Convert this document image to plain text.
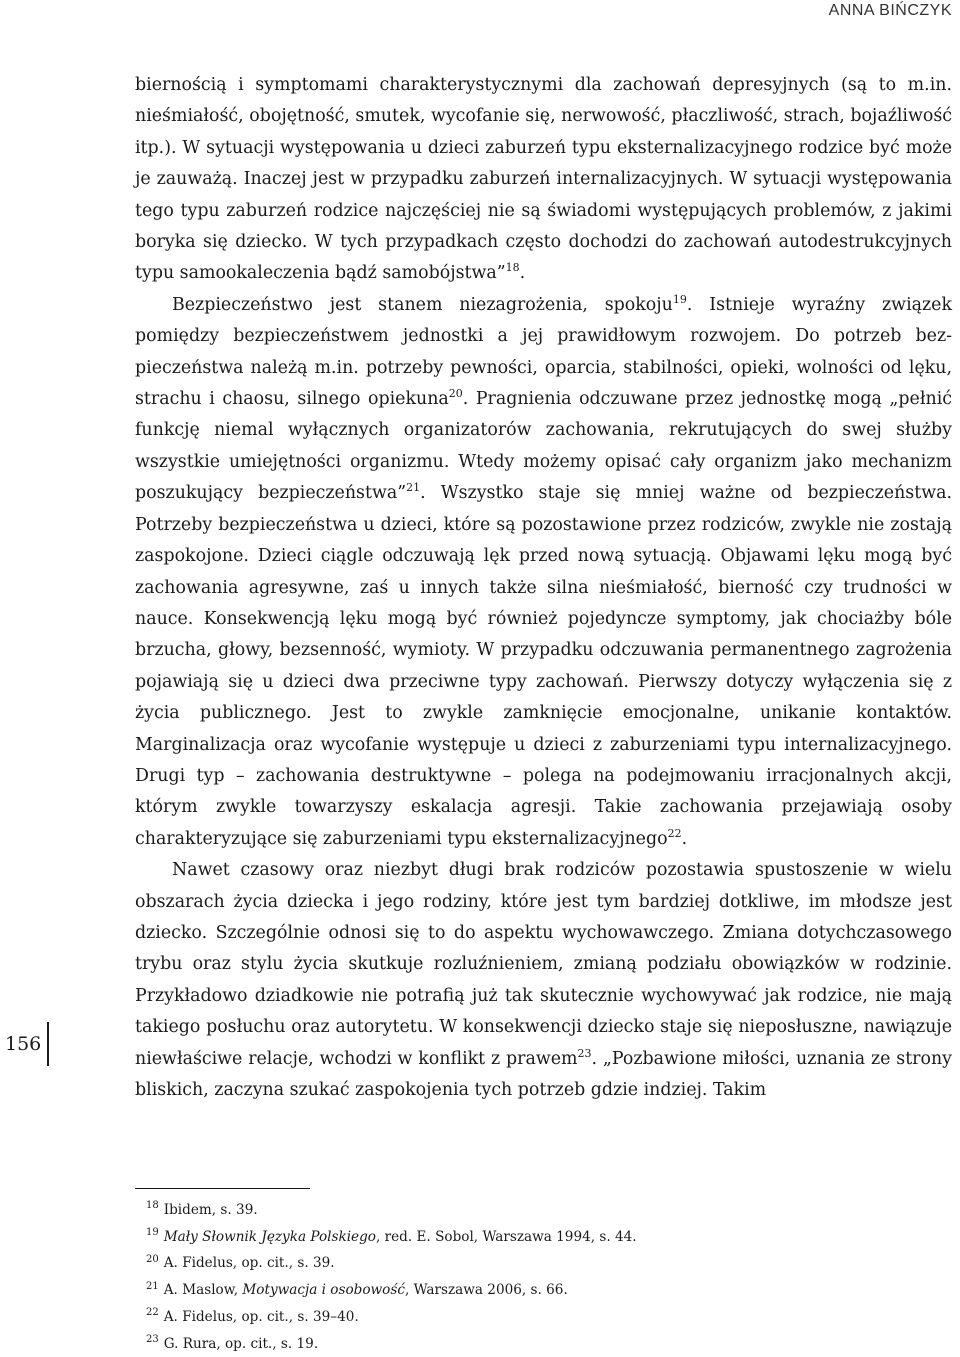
ANNA BIŃCZYK

biernością i symptomami charakterystycznymi dla zachowań depresyjnych (są to m.in. nieśmiałość, obojętność, smutek, wycofanie się, nerwowość, płaczliwość, strach, bojaźliwość itp.). W sytuacji występowania u dzieci zaburzeń typu eksternalizacyjnego rodzice być może je zauważą. Inaczej jest w przypadku zaburzeń internalizacyjnych. W sytuacji występowania tego typu zaburzeń rodzice najczęściej nie są świadomi występujących problemów, z jakimi boryka się dziecko. W tych przypadkach często dochodzi do zachowań autodestrukcyjnych typu samookaleczenia bądź samobójstwa”$^{18}$.

Bezpieczeństwo jest stanem niezagrożenia, spokoju$^{19}$. Istnieje wyraźny związek pomiędzy bezpieczeństwem jednostki a jej prawidłowym rozwojem. Do potrzeb bezpieczeństwa należą m.in. potrzeby pewności, oparcia, stabilności, opieki, wolności od lęku, strachu i chaosu, silnego opiekuna$^{20}$. Pragnienia odczuwane przez jednostkę mogą „pełnić funkcję niemal wyłącznych organizatorów zachowania, rekrutujących do swej służby wszystkie umiejętności organizmu. Wtedy możemy opisać cały organizm jako mechanizm poszukujący bezpieczeństwa”$^{21}$. Wszystko staje się mniej ważne od bezpieczeństwa. Potrzeby bezpieczeństwa u dzieci, które są pozostawione przez rodziców, zwykle nie zostają zaspokojone. Dzieci ciągle odczuwają lęk przed nową sytuacją. Objawami lęku mogą być zachowania agresywne, zaś u innych także silna nieśmiałość, bierność czy trudności w nauce. Konsekwencją lęku mogą być również pojedyncze symptomy, jak chociażby bóle brzucha, głowy, bezsenność, wymioty. W przypadku odczuwania permanentnego zagrożenia pojawiają się u dzieci dwa przeciwne typy zachowań. Pierwszy dotyczy wyłączenia się z życia publicznego. Jest to zwykle zamknięcie emocjonalne, unikanie kontaktów. Marginalizacja oraz wycofanie występuje u dzieci z zaburzeniami typu internalizacyjnego. Drugi typ – zachowania destruktywne – polega na podejmowaniu irracjonalnych akcji, którym zwykle towarzyszy eskalacja agresji. Takie zachowania przejawiają osoby charakteryzujące się zaburzeniami typu eksternalizacyjnego$^{22}$.

Nawet czasowy oraz niezbyt długi brak rodziców pozostawia spustoszenie w wielu obszarach życia dziecka i jego rodziny, które jest tym bardziej dotkliwe, im młodsze jest dziecko. Szczególnie odnosi się to do aspektu wychowawczego. Zmiana dotychczasowego trybu oraz stylu życia skutkuje rozluźnieniem, zmianą podziału obowiązków w rodzinie. Przykładowo dziadkowie nie potrafią już tak skutecznie wychowywać jak rodzice, nie mają takiego posłuchu oraz autorytetu. W konsekwencji dziecko staje się nieposłuszne, nawiązuje niewłaściwe relacje, wchodzi w konflikt z prawem$^{23}$. „Pozbawione miłości, uznania ze strony bliskich, zaczyna szukać zaspokojenia tych potrzeb gdzie indziej. Takim

156
$^{18}$ Ibidem, s. 39.
$^{19}$ Mały Słownik Języka Polskiego, red. E. Sobol, Warszawa 1994, s. 44.
$^{20}$ A. Fidelus, op. cit., s. 39.
$^{21}$ A. Maslow, Motywacja i osobowość, Warszawa 2006, s. 66.
$^{22}$ A. Fidelus, op. cit., s. 39–40.
$^{23}$ G. Rura, op. cit., s. 19.
